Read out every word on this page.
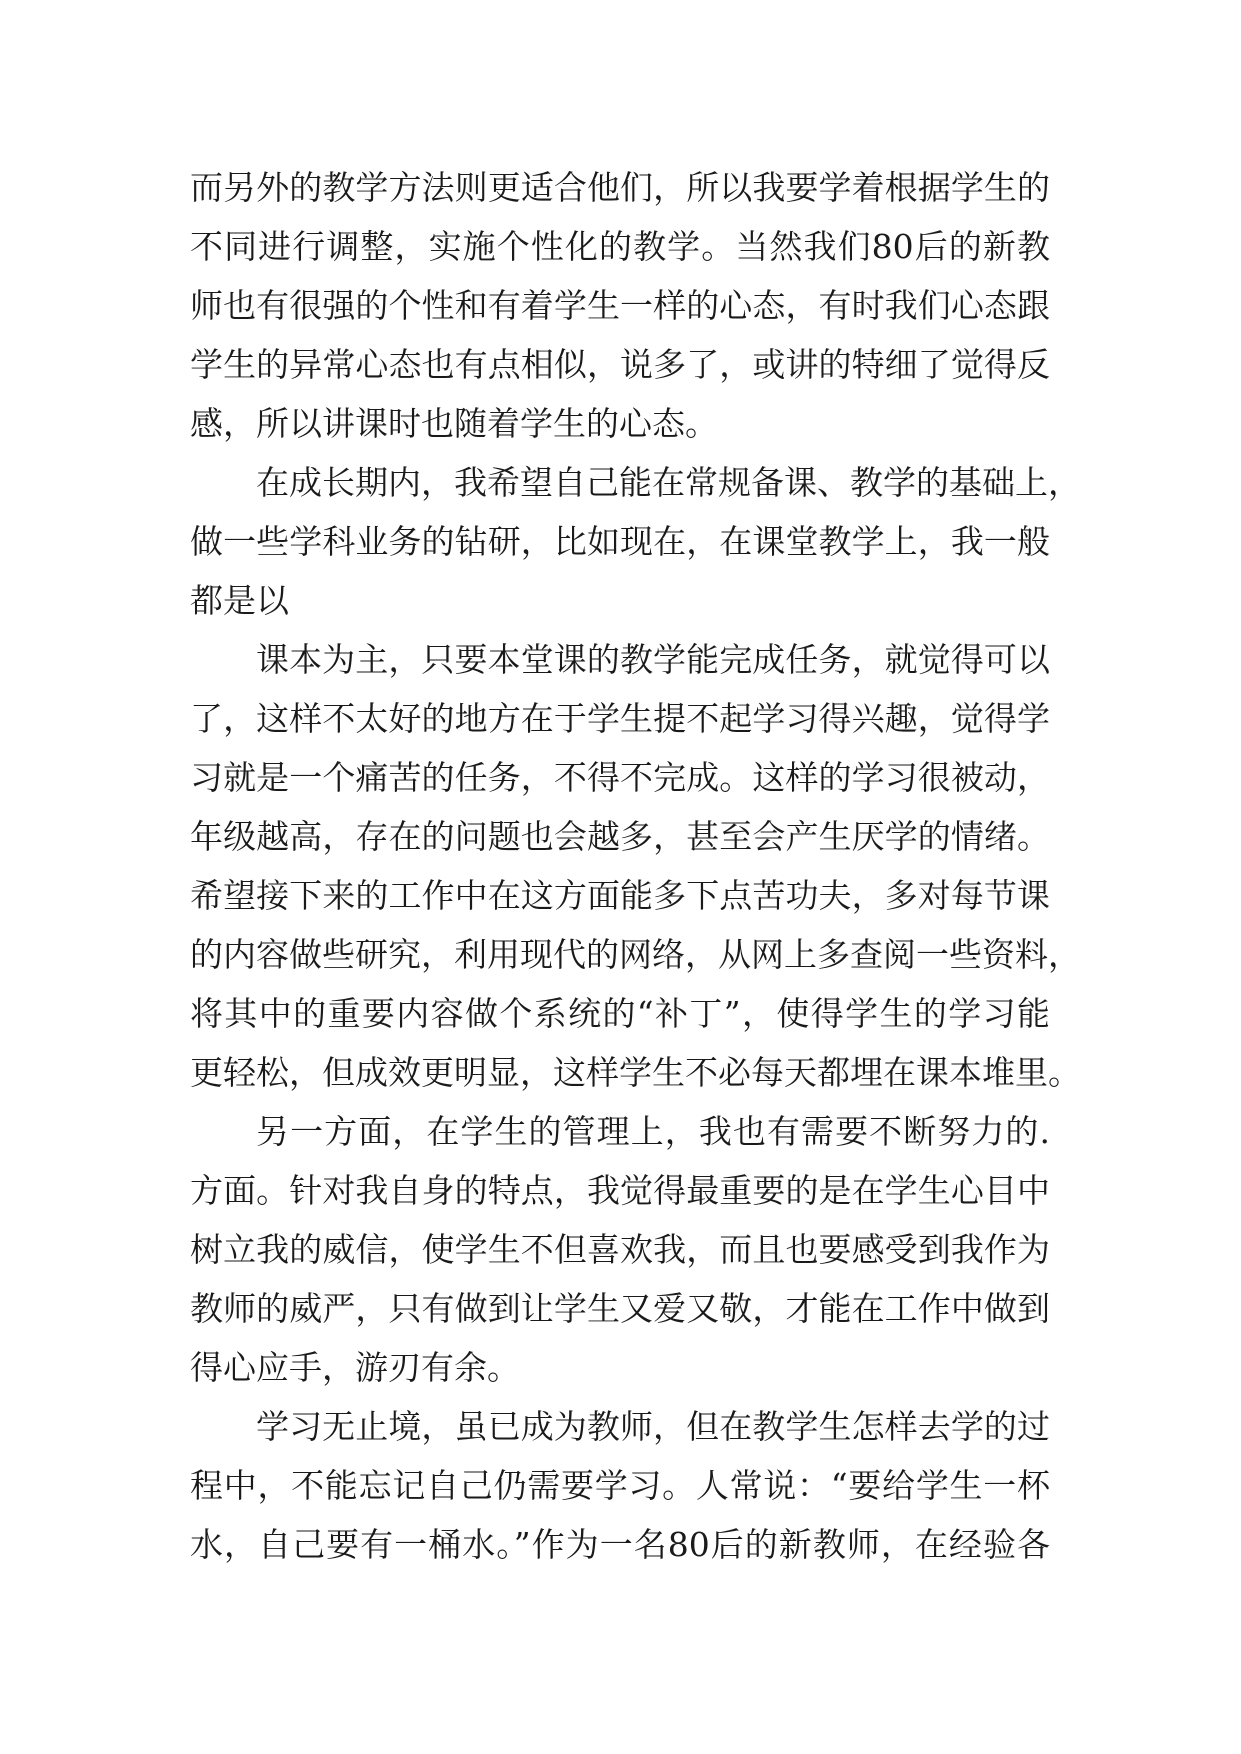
而另外的教学方法则更适合他们，所以我要学着根据学生的
不同进行调整，实施个性化的教学。当然我们80后的新教
师也有很强的个性和有着学生一样的心态，有时我们心态跟
学生的异常心态也有点相似，说多了，或讲的特细了觉得反
感，所以讲课时也随着学生的心态。
在成长期内，我希望自己能在常规备课、教学的基础上，
做一些学科业务的钻研，比如现在，在课堂教学上，我一般
都是以
课本为主，只要本堂课的教学能完成任务，就觉得可以
了，这样不太好的地方在于学生提不起学习得兴趣，觉得学
习就是一个痛苦的任务，不得不完成。这样的学习很被动，
年级越高，存在的问题也会越多，甚至会产生厌学的情绪。
希望接下来的工作中在这方面能多下点苦功夫，多对每节课
的内容做些研究，利用现代的网络，从网上多查阅一些资料，
将其中的重要内容做个系统的“补丁”，使得学生的学习能
更轻松，但成效更明显，这样学生不必每天都埋在课本堆里。
另一方面，在学生的管理上，我也有需要不断努力的.
方面。针对我自身的特点，我觉得最重要的是在学生心目中
树立我的威信，使学生不但喜欢我，而且也要感受到我作为
教师的威严，只有做到让学生又爱又敬，才能在工作中做到
得心应手，游刃有余。
学习无止境，虽已成为教师，但在教学生怎样去学的过
程中，不能忘记自己仍需要学习。人常说：“要给学生一杯
水，自己要有一桶水。”作为一名80后的新教师，在经验各
